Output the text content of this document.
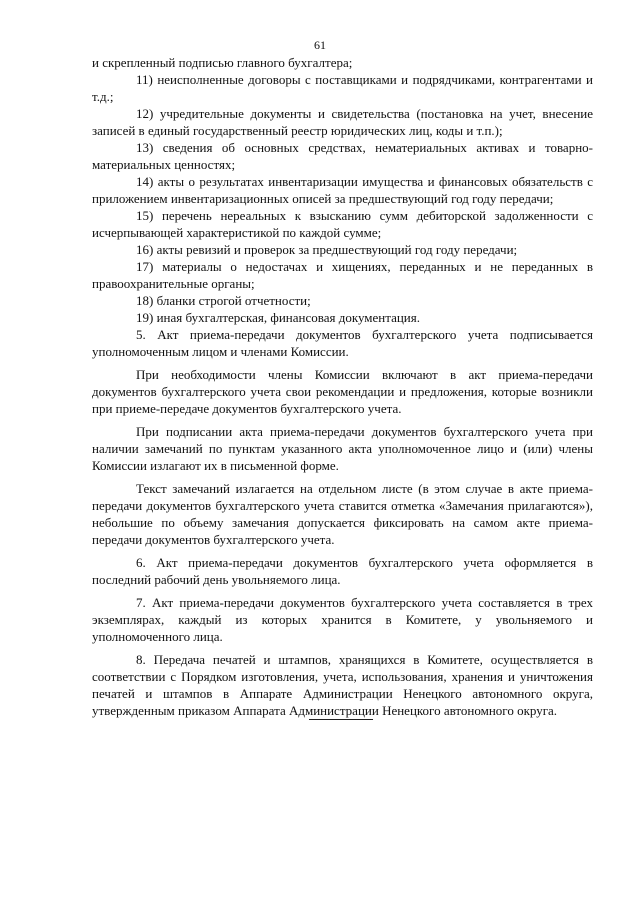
61

и скрепленный подписью главного бухгалтера;

11) неисполненные договоры с поставщиками и подрядчиками, контрагентами и т.д.;

12) учредительные документы и свидетельства (постановка на учет, внесение записей в единый государственный реестр юридических лиц, коды и т.п.);

13) сведения об основных средствах, нематериальных активах и товарно-материальных ценностях;

14) акты о результатах инвентаризации имущества и финансовых обязательств с приложением инвентаризационных описей за предшествующий год году передачи;

15) перечень нереальных к взысканию сумм дебиторской задолженности с исчерпывающей характеристикой по каждой сумме;

16) акты ревизий и проверок за предшествующий год году передачи;

17) материалы о недостачах и хищениях, переданных и не переданных в правоохранительные органы;

18) бланки строгой отчетности;

19) иная бухгалтерская, финансовая документация.

5. Акт приема-передачи документов бухгалтерского учета подписывается уполномоченным лицом и членами Комиссии.

При необходимости члены Комиссии включают в акт приема-передачи документов бухгалтерского учета свои рекомендации и предложения, которые возникли при приеме-передаче документов бухгалтерского учета.

При подписании акта приема-передачи документов бухгалтерского учета при наличии замечаний по пунктам указанного акта уполномоченное лицо и (или) члены Комиссии излагают их в письменной форме.

Текст замечаний излагается на отдельном листе (в этом случае в акте приема-передачи документов бухгалтерского учета ставится отметка «Замечания прилагаются»), небольшие по объему замечания допускается фиксировать на самом акте приема-передачи документов бухгалтерского учета.

6. Акт приема-передачи документов бухгалтерского учета оформляется в последний рабочий день увольняемого лица.

7. Акт приема-передачи документов бухгалтерского учета составляется в трех экземплярах, каждый из которых хранится в Комитете, у увольняемого и уполномоченного лица.

8. Передача печатей и штампов, хранящихся в Комитете, осуществляется в соответствии с Порядком изготовления, учета, использования, хранения и уничтожения печатей и штампов в Аппарате Администрации Ненецкого автономного округа, утвержденным приказом Аппарата Администрации Ненецкого автономного округа.
